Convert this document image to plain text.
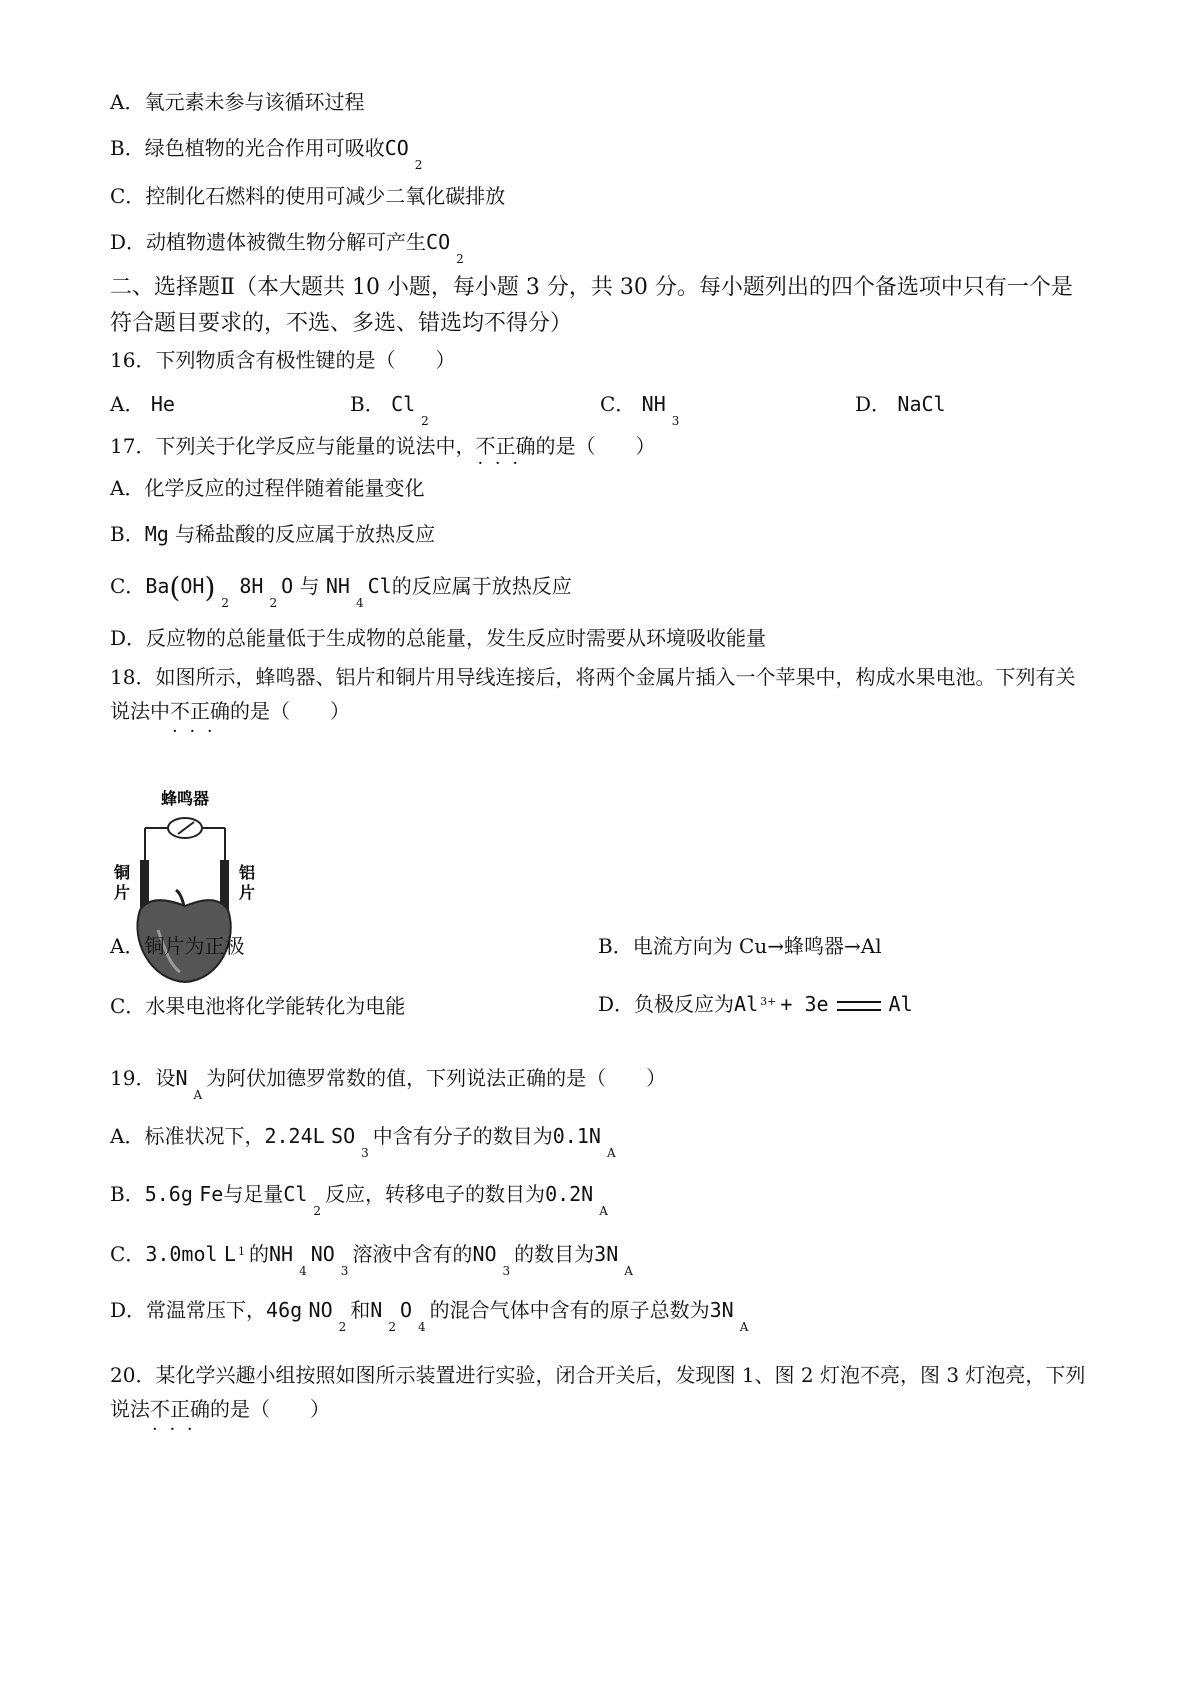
A．氧元素未参与该循环过程
B．绿色植物的光合作用可吸收$CO_2$
C．控制化石燃料的使用可减少二氧化碳排放
D．动植物遗体被微生物分解可产生$CO_2$
二、选择题Ⅱ（本大题共 10 小题，每小题 3 分，共 30 分。每小题列出的四个备选项中只有一个是符合题目要求的，不选、多选、错选均不得分）
16．下列物质含有极性键的是（　　）
A． He	B． $Cl_2$
C． $NH_3$
D． NaCl
17．下列关于化学反应与能量的说法中，不正确 · · ·的是（　　）
A．化学反应的过程伴随着能量变化
B．Mg 与稀盐酸的反应属于放热反应
C．Ba(OH) $_2$ $8H_2O$ 与 $NH_4Cl$的反应属于放热反应
D．反应物的总能量低于生成物的总能量，发生反应时需要从环境吸收能量
18．如图所示，蜂鸣器、铝片和铜片用导线连接后，将两个金属片插入一个苹果中，构成水果电池。下列有关说法中不正确 · · ·的是（　　）
蜂鸣器
铜片
铝片
A．铜片为正极	B．电流方向为 Cu→蜂鸣器→Al
C．水果电池将化学能转化为电能	D．负极反应为Al $^{3+}$ + 3e	Al
19．设$N_A$为阿伏加德罗常数的值，下列说法正确的是（　　）
A．标准状况下，2.24L $SO_3$中含有分子的数目为$0.1N_A$
B．5.6g Fe与足量$Cl_2$反应，转移电子的数目为$0.2N_A$
C．3.0mol L $^1$ 的$NH_4NO_3$溶液中含有的$NO_3$的数目为$3N_A$
D．常温常压下，46g $NO_2$和$N_2O_4$的混合气体中含有的原子总数为$3N_A$
20．某化学兴趣小组按照如图所示装置进行实验，闭合开关后，发现图 1、图 2 灯泡不亮，图 3 灯泡亮，下列说法不正确 · · ·的是（　　）
